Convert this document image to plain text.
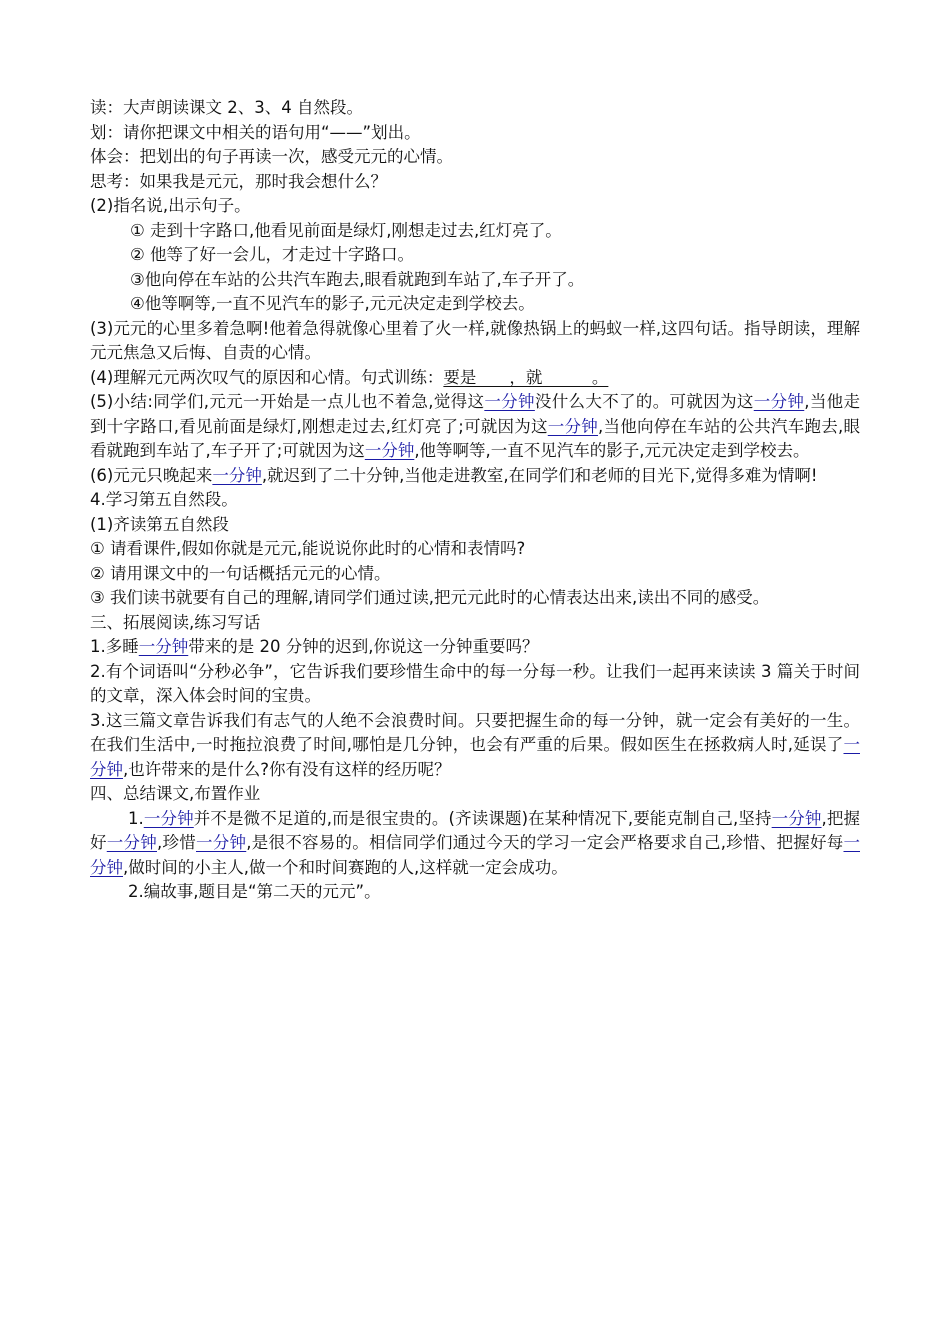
读：大声朗读课文 2、3、4 自然段。
划：请你把课文中相关的语句用“——”划出。
体会：把划出的句子再读一次，感受元元的心情。
思考：如果我是元元，那时我会想什么？
(2)指名说,出示句子。
① 走到十字路口,他看见前面是绿灯,刚想走过去,红灯亮了。
② 他等了好一会儿，才走过十字路口。
③他向停在车站的公共汽车跑去,眼看就跑到车站了,车子开了。
④他等啊等,一直不见汽车的影子,元元决定走到学校去。
(3)元元的心里多着急啊!他着急得就像心里着了火一样,就像热锅上的蚂蚁一样,这四句话。指导朗读，理解元元焦急又后悔、自责的心情。
(4)理解元元两次叹气的原因和心情。句式训练：要是　　，就　　　。
(5)小结:同学们,元元一开始是一点儿也不着急,觉得这一分钟没什么大不了的。可就因为这一分钟,当他走到十字路口,看见前面是绿灯,刚想走过去,红灯亮了;可就因为这一分钟,当他向停在车站的公共汽车跑去,眼看就跑到车站了,车子开了;可就因为这一分钟,他等啊等,一直不见汽车的影子,元元决定走到学校去。
(6)元元只晚起来一分钟,就迟到了二十分钟,当他走进教室,在同学们和老师的目光下,觉得多难为情啊!
4.学习第五自然段。
(1)齐读第五自然段
① 请看课件,假如你就是元元,能说说你此时的心情和表情吗?
② 请用课文中的一句话概括元元的心情。
③ 我们读书就要有自己的理解,请同学们通过读,把元元此时的心情表达出来,读出不同的感受。
三、拓展阅读,练习写话
1.多睡一分钟带来的是 20 分钟的迟到,你说这一分钟重要吗？
2.有个词语叫“分秒必争”，它告诉我们要珍惜生命中的每一分每一秒。让我们一起再来读读 3 篇关于时间的文章，深入体会时间的宝贵。
3.这三篇文章告诉我们有志气的人绝不会浪费时间。只要把握生命的每一分钟，就一定会有美好的一生。在我们生活中,一时拖拉浪费了时间,哪怕是几分钟，也会有严重的后果。假如医生在拯救病人时,延误了一分钟,也许带来的是什么?你有没有这样的经历呢？
四、总结课文,布置作业
1.一分钟并不是微不足道的,而是很宝贵的。(齐读课题)在某种情况下,要能克制自己,坚持一分钟,把握好一分钟,珍惜一分钟,是很不容易的。相信同学们通过今天的学习一定会严格要求自己,珍惜、把握好每一分钟,做时间的小主人,做一个和时间赛跑的人,这样就一定会成功。
2.编故事,题目是“第二天的元元”。
